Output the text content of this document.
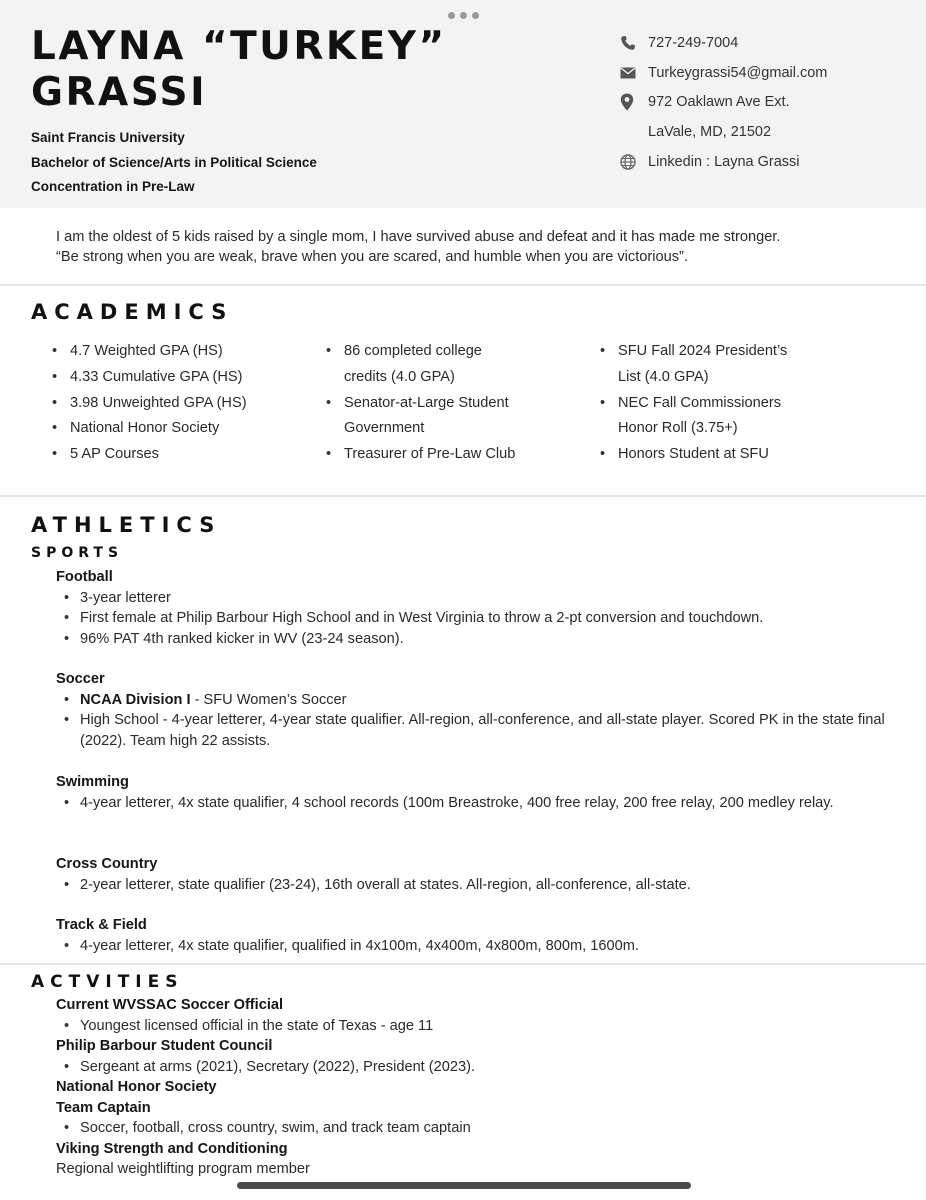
LAYNA “TURKEY”
GRASSI
Saint Francis University
Bachelor of Science/Arts in Political Science
Concentration in Pre-Law
727-249-7004
Turkeygrassi54@gmail.com
972 Oaklawn Ave Ext.
LaVale, MD, 21502
Linkedin : Layna Grassi
I am the oldest of 5 kids raised by a single mom, I have survived abuse and defeat and it has made me stronger.
“Be strong when you are weak, brave when you are scared, and humble when you are victorious”.
ACADEMICS
• 4.7 Weighted GPA (HS)
• 4.33 Cumulative GPA (HS)
• 3.98 Unweighted GPA (HS)
• National Honor Society
• 5 AP Courses
• 86 completed college
credits (4.0 GPA)
• Senator-at-Large Student
Government
• Treasurer of Pre-Law Club
• SFU Fall 2024 President’s
List (4.0 GPA)
• NEC Fall Commissioners
Honor Roll (3.75+)
• Honors Student at SFU
ATHLETICS
SPORTS
Football
• 3-year letterer
• First female at Philip Barbour High School and in West Virginia to throw a 2-pt conversion and touchdown.
• 96% PAT 4th ranked kicker in WV (23-24 season).
Soccer
• NCAA Division I - SFU Women’s Soccer
• High School - 4-year letterer, 4-year state qualifier. All-region, all-conference, and all-state player. Scored PK in the state final (2022). Team high 22 assists.
Swimming
• 4-year letterer, 4x state qualifier, 4 school records (100m Breastroke, 400 free relay, 200 free relay, 200 medley relay.
Cross Country
• 2-year letterer, state qualifier (23-24), 16th overall at states. All-region, all-conference, all-state.
Track & Field
• 4-year letterer, 4x state qualifier, qualified in 4x100m, 4x400m, 4x800m, 800m, 1600m.
ACTVITIES
Current WVSSAC Soccer Official
• Youngest licensed official in the state of Texas - age 11
Philip Barbour Student Council
• Sergeant at arms (2021), Secretary (2022), President (2023).
National Honor Society
Team Captain
• Soccer, football, cross country, swim, and track team captain
Viking Strength and Conditioning
Regional weightlifting program member
